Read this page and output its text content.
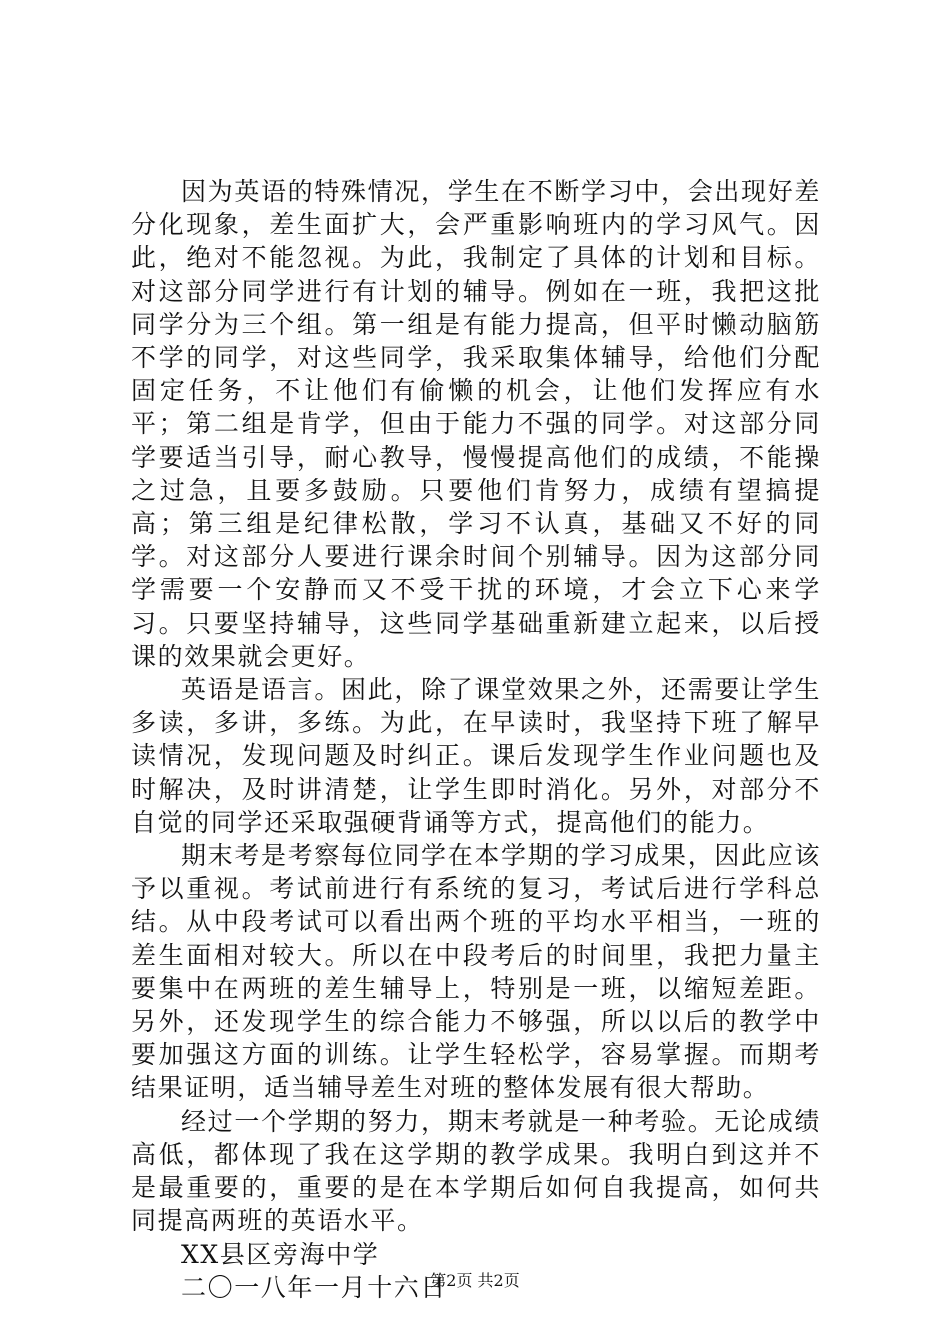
因为英语的特殊情况，学生在不断学习中，会出现好差分化现象，差生面扩大，会严重影响班内的学习风气。因此，绝对不能忽视。为此，我制定了具体的计划和目标。对这部分同学进行有计划的辅导。例如在一班，我把这批同学分为三个组。第一组是有能力提高，但平时懒动脑筋不学的同学，对这些同学，我采取集体辅导，给他们分配固定任务，不让他们有偷懒的机会，让他们发挥应有水平；第二组是肯学，但由于能力不强的同学。对这部分同学要适当引导，耐心教导，慢慢提高他们的成绩，不能操之过急，且要多鼓励。只要他们肯努力，成绩有望搞提高；第三组是纪律松散，学习不认真，基础又不好的同学。对这部分人要进行课余时间个别辅导。因为这部分同学需要一个安静而又不受干扰的环境，才会立下心来学习。只要坚持辅导，这些同学基础重新建立起来，以后授课的效果就会更好。

英语是语言。困此，除了课堂效果之外，还需要让学生多读，多讲，多练。为此，在早读时，我坚持下班了解早读情况，发现问题及时纠正。课后发现学生作业问题也及时解决，及时讲清楚，让学生即时消化。另外，对部分不自觉的同学还采取强硬背诵等方式，提高他们的能力。

期末考是考察每位同学在本学期的学习成果，因此应该予以重视。考试前进行有系统的复习，考试后进行学科总结。从中段考试可以看出两个班的平均水平相当，一班的差生面相对较大。所以在中段考后的时间里，我把力量主要集中在两班的差生辅导上，特别是一班，以缩短差距。另外，还发现学生的综合能力不够强，所以以后的教学中要加强这方面的训练。让学生轻松学，容易掌握。而期考结果证明，适当辅导差生对班的整体发展有很大帮助。

经过一个学期的努力，期末考就是一种考验。无论成绩高低，都体现了我在这学期的教学成果。我明白到这并不是最重要的，重要的是在本学期后如何自我提高，如何共同提高两班的英语水平。

XX县区旁海中学

二〇一八年一月十六日

第2页 共2页
